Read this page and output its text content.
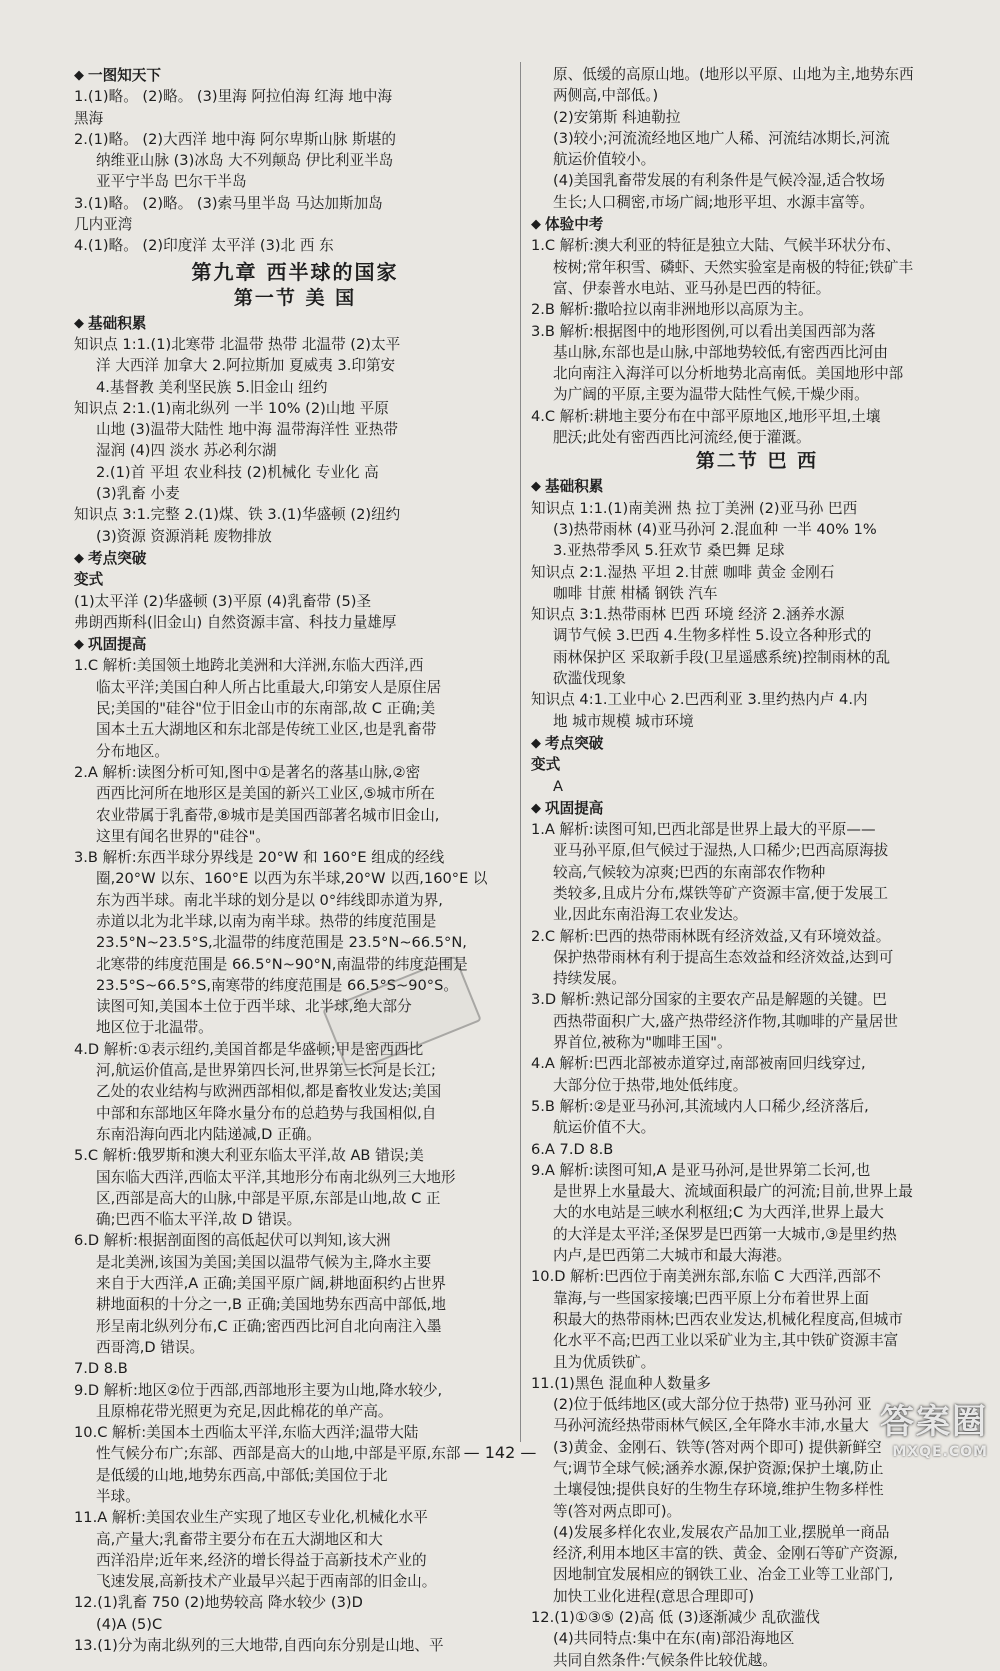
◆ 一图知天下

1.(1)略。 (2)略。 (3)里海 阿拉伯海 红海 地中海

黑海

2.(1)略。 (2)大西洋 地中海 阿尔卑斯山脉 斯堪的

纳维亚山脉 (3)冰岛 大不列颠岛 伊比利亚半岛

亚平宁半岛 巴尔干半岛

3.(1)略。 (2)略。 (3)索马里半岛 马达加斯加岛

几内亚湾

4.(1)略。 (2)印度洋 太平洋 (3)北 西 东

第九章 西半球的国家
第一节 美 国
◆ 基础积累

知识点 1:1.(1)北寒带 北温带 热带 北温带 (2)太平

洋 大西洋 加拿大 2.阿拉斯加 夏威夷 3.印第安

4.基督教 美利坚民族 5.旧金山 纽约

知识点 2:1.(1)南北纵列 一半 10% (2)山地 平原

山地 (3)温带大陆性 地中海 温带海洋性 亚热带

湿润 (4)四 淡水 苏必利尔湖

2.(1)首 平坦 农业科技 (2)机械化 专业化 高

(3)乳畜 小麦

知识点 3:1.完整 2.(1)煤、铁 3.(1)华盛顿 (2)纽约

(3)资源 资源消耗 废物排放

◆ 考点突破

变式

(1)太平洋 (2)华盛顿 (3)平原 (4)乳畜带 (5)圣

弗朗西斯科(旧金山) 自然资源丰富、科技力量雄厚

◆ 巩固提高

1.C 解析:美国领土地跨北美洲和大洋洲,东临大西洋,西

临太平洋;美国白种人所占比重最大,印第安人是原住居

民;美国的"硅谷"位于旧金山市的东南部,故 C 正确;美

国本土五大湖地区和东北部是传统工业区,也是乳畜带

分布地区。

2.A 解析:读图分析可知,图中①是著名的落基山脉,②密

西西比河所在地形区是美国的新兴工业区,⑤城市所在

农业带属于乳畜带,⑧城市是美国西部著名城市旧金山,

这里有闻名世界的"硅谷"。

3.B 解析:东西半球分界线是 20°W 和 160°E 组成的经线

圈,20°W 以东、160°E 以西为东半球,20°W 以西,160°E 以

东为西半球。南北半球的划分是以 0°纬线即赤道为界,

赤道以北为北半球,以南为南半球。热带的纬度范围是

23.5°N~23.5°S,北温带的纬度范围是 23.5°N~66.5°N,

北寒带的纬度范围是 66.5°N~90°N,南温带的纬度范围是

23.5°S~66.5°S,南寒带的纬度范围是 66.5°S~90°S。

读图可知,美国本土位于西半球、北半球,绝大部分

地区位于北温带。

4.D 解析:①表示纽约,美国首都是华盛顿;甲是密西西比

河,航运价值高,是世界第四长河,世界第三长河是长江;

乙处的农业结构与欧洲西部相似,都是畜牧业发达;美国

中部和东部地区年降水量分布的总趋势与我国相似,自

东南沿海向西北内陆递减,D 正确。

5.C 解析:俄罗斯和澳大利亚东临太平洋,故 AB 错误;美

国东临大西洋,西临太平洋,其地形分布南北纵列三大地形

区,西部是高大的山脉,中部是平原,东部是山地,故 C 正

确;巴西不临太平洋,故 D 错误。

6.D 解析:根据剖面图的高低起伏可以判知,该大洲

是北美洲,该国为美国;美国以温带气候为主,降水主要

来自于大西洋,A 正确;美国平原广阔,耕地面积约占世界

耕地面积的十分之一,B 正确;美国地势东西高中部低,地

形呈南北纵列分布,C 正确;密西西比河自北向南注入墨

西哥湾,D 错误。

7.D 8.B

9.D 解析:地区②位于西部,西部地形主要为山地,降水较少,

且原棉花带光照更为充足,因此棉花的单产高。

10.C 解析:美国本土西临太平洋,东临大西洋;温带大陆

性气候分布广;东部、西部是高大的山地,中部是平原,东部

是低缓的山地,地势东西高,中部低;美国位于北

半球。

11.A 解析:美国农业生产实现了地区专业化,机械化水平

高,产量大;乳畜带主要分布在五大湖地区和大

西洋沿岸;近年来,经济的增长得益于高新技术产业的

飞速发展,高新技术产业最早兴起于西南部的旧金山。

12.(1)乳畜 750 (2)地势较高 降水较少 (3)D

(4)A (5)C

13.(1)分为南北纵列的三大地带,自西向东分别是山地、平

原、低缓的高原山地。(地形以平原、山地为主,地势东西

两侧高,中部低。)

(2)安第斯 科迪勒拉

(3)较小;河流流经地区地广人稀、河流结冰期长,河流

航运价值较小。

(4)美国乳畜带发展的有利条件是气候冷湿,适合牧场

生长;人口稠密,市场广阔;地形平坦、水源丰富等。

◆ 体验中考

1.C 解析:澳大利亚的特征是独立大陆、气候半环状分布、

桉树;常年积雪、磷虾、天然实验室是南极的特征;铁矿丰

富、伊泰普水电站、亚马孙是巴西的特征。

2.B 解析:撒哈拉以南非洲地形以高原为主。

3.B 解析:根据图中的地形图例,可以看出美国西部为落

基山脉,东部也是山脉,中部地势较低,有密西西比河由

北向南注入海洋可以分析地势北高南低。美国地形中部

为广阔的平原,主要为温带大陆性气候,干燥少雨。

4.C 解析:耕地主要分布在中部平原地区,地形平坦,土壤

肥沃;此处有密西西比河流经,便于灌溉。

第二节 巴 西
◆ 基础积累

知识点 1:1.(1)南美洲 热 拉丁美洲 (2)亚马孙 巴西

(3)热带雨林 (4)亚马孙河 2.混血种 一半 40% 1%

3.亚热带季风 5.狂欢节 桑巴舞 足球

知识点 2:1.湿热 平坦 2.甘蔗 咖啡 黄金 金刚石

咖啡 甘蔗 柑橘 钢铁 汽车

知识点 3:1.热带雨林 巴西 环境 经济 2.涵养水源

调节气候 3.巴西 4.生物多样性 5.设立各种形式的

雨林保护区 采取新手段(卫星遥感系统)控制雨林的乱

砍滥伐现象

知识点 4:1.工业中心 2.巴西利亚 3.里约热内卢 4.内

地 城市规模 城市环境

◆ 考点突破

变式

A

◆ 巩固提高

1.A 解析:读图可知,巴西北部是世界上最大的平原——

亚马孙平原,但气候过于湿热,人口稀少;巴西高原海拔

较高,气候较为凉爽;巴西的东南部农作物种

类较多,且成片分布,煤铁等矿产资源丰富,便于发展工

业,因此东南沿海工农业发达。

2.C 解析:巴西的热带雨林既有经济效益,又有环境效益。

保护热带雨林有利于提高生态效益和经济效益,达到可

持续发展。

3.D 解析:熟记部分国家的主要农产品是解题的关键。巴

西热带面积广大,盛产热带经济作物,其咖啡的产量居世

界首位,被称为"咖啡王国"。

4.A 解析:巴西北部被赤道穿过,南部被南回归线穿过,

大部分位于热带,地处低纬度。

5.B 解析:②是亚马孙河,其流域内人口稀少,经济落后,

航运价值不大。

6.A 7.D 8.B

9.A 解析:读图可知,A 是亚马孙河,是世界第二长河,也

是世界上水量最大、流域面积最广的河流;目前,世界上最

大的水电站是三峡水利枢纽;C 为大西洋,世界上最大

的大洋是太平洋;圣保罗是巴西第一大城市,③是里约热

内卢,是巴西第二大城市和最大海港。

10.D 解析:巴西位于南美洲东部,东临 C 大西洋,西部不

靠海,与一些国家接壤;巴西平原上分布着世界上面

积最大的热带雨林;巴西农业发达,机械化程度高,但城市

化水平不高;巴西工业以采矿业为主,其中铁矿资源丰富

且为优质铁矿。

11.(1)黑色 混血种人数量多

(2)位于低纬地区(或大部分位于热带) 亚马孙河 亚

马孙河流经热带雨林气候区,全年降水丰沛,水量大

(3)黄金、金刚石、铁等(答对两个即可) 提供新鲜空

气;调节全球气候;涵养水源,保护资源;保护土壤,防止

土壤侵蚀;提供良好的生物生存环境,维护生物多样性

等(答对两点即可)。

(4)发展多样化农业,发展农产品加工业,摆脱单一商品

经济,利用本地区丰富的铁、黄金、金刚石等矿产资源,

因地制宜发展相应的钢铁工业、冶金工业等工业部门,

加快工业化进程(意思合理即可)

12.(1)①③⑤ (2)高 低 (3)逐渐减少 乱砍滥伐

(4)共同特点:集中在东(南)部沿海地区

共同自然条件:气候条件比较优越。

— 142 —
答案圈
MXQE.COM
